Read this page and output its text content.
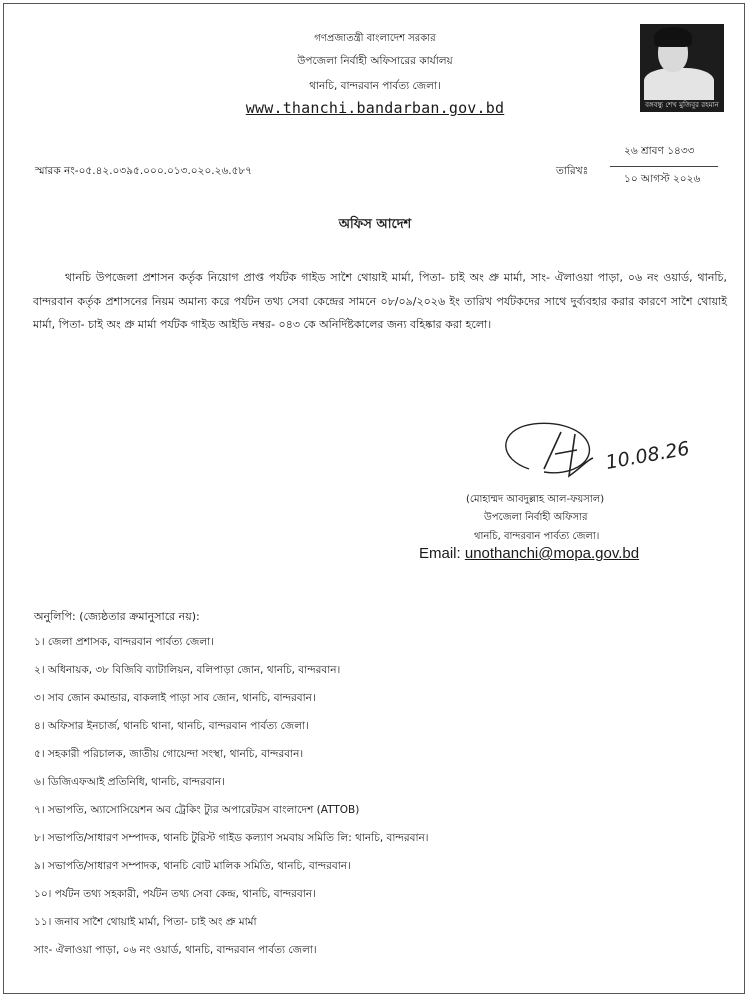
গণপ্রজাতন্ত্রী বাংলাদেশ সরকার
উপজেলা নির্বাহী অফিসারের কার্যালয়
থানচি, বান্দরবান পার্বত্য জেলা।
www.thanchi.bandarban.gov.bd	বঙ্গবন্ধু শেখ মুজিবুর রহমান
স্মারক নং-০৫.৪২.০৩৯৫.০০০.০১৩.০২০.২৬.৫৮৭	তারিখঃ
২৬ শ্রাবণ ১৪৩৩
১০ আগস্ট ২০২৬
অফিস আদেশ
থানচি উপজেলা প্রশাসন কর্তৃক নিয়োগ প্রাপ্ত পর্যটক গাইড সাশৈ থোয়াই মার্মা, পিতা- চাই অং প্রু মার্মা, সাং- ঐলাওয়া পাড়া, ০৬ নং ওয়ার্ড, থানচি, বান্দরবান কর্তৃক প্রশাসনের নিয়ম অমান্য করে পর্যটন তথ্য সেবা কেন্দ্রের সামনে ০৮/০৯/২০২৬ ইং তারিখ পর্যটকদের সাথে দুর্ব্যবহার করার কারণে সাশৈ থোয়াই মার্মা, পিতা- চাই অং প্রু মার্মা পর্যটক গাইড আইডি নম্বর- ০৪৩ কে অনির্দিষ্টকালের জন্য বহিষ্কার করা হলো।
10.08.26
(মোহাম্মদ আবদুল্লাহ আল-ফয়সাল)
উপজেলা নির্বাহী অফিসার
থানচি, বান্দরবান পার্বত্য জেলা।
Email: unothanchi@mopa.gov.bd
অনুলিপি: (জ্যেষ্ঠতার ক্রমানুসারে নয়):
১। জেলা প্রশাসক, বান্দরবান পার্বত্য জেলা।
২। অধিনায়ক, ৩৮ বিজিবি ব্যাটালিয়ন, বলিপাড়া জোন, থানচি, বান্দরবান।
৩। সাব জোন কমান্ডার, বাকলাই পাড়া সাব জোন, থানচি, বান্দরবান।
৪। অফিসার ইনচার্জ, থানচি থানা, থানচি, বান্দরবান পার্বত্য জেলা।
৫। সহকারী পরিচালক, জাতীয় গোয়েন্দা সংস্থা, থানচি, বান্দরবান।
৬। ডিজিএফআই প্রতিনিধি, থানচি, বান্দরবান।
৭। সভাপতি, অ্যাসোসিয়েশন অব ট্রেকিং ট্যুর অপারেটরস বাংলাদেশ (ATTOB)
৮। সভাপতি/সাধারণ সম্পাদক, থানচি টুরিস্ট গাইড কল্যাণ সমবায় সমিতি লি: থানচি, বান্দরবান।
৯। সভাপতি/সাধারণ সম্পাদক, থানচি বোট মালিক সমিতি, থানচি, বান্দরবান।
১০। পর্যটন তথ্য সহকারী, পর্যটন তথ্য সেবা কেন্দ্র, থানচি, বান্দরবান।
১১। জনাব সাশৈ থোয়াই মার্মা, পিতা- চাই অং প্রু মার্মা
সাং- ঐলাওয়া পাড়া, ০৬ নং ওয়ার্ড, থানচি, বান্দরবান পার্বত্য জেলা।
